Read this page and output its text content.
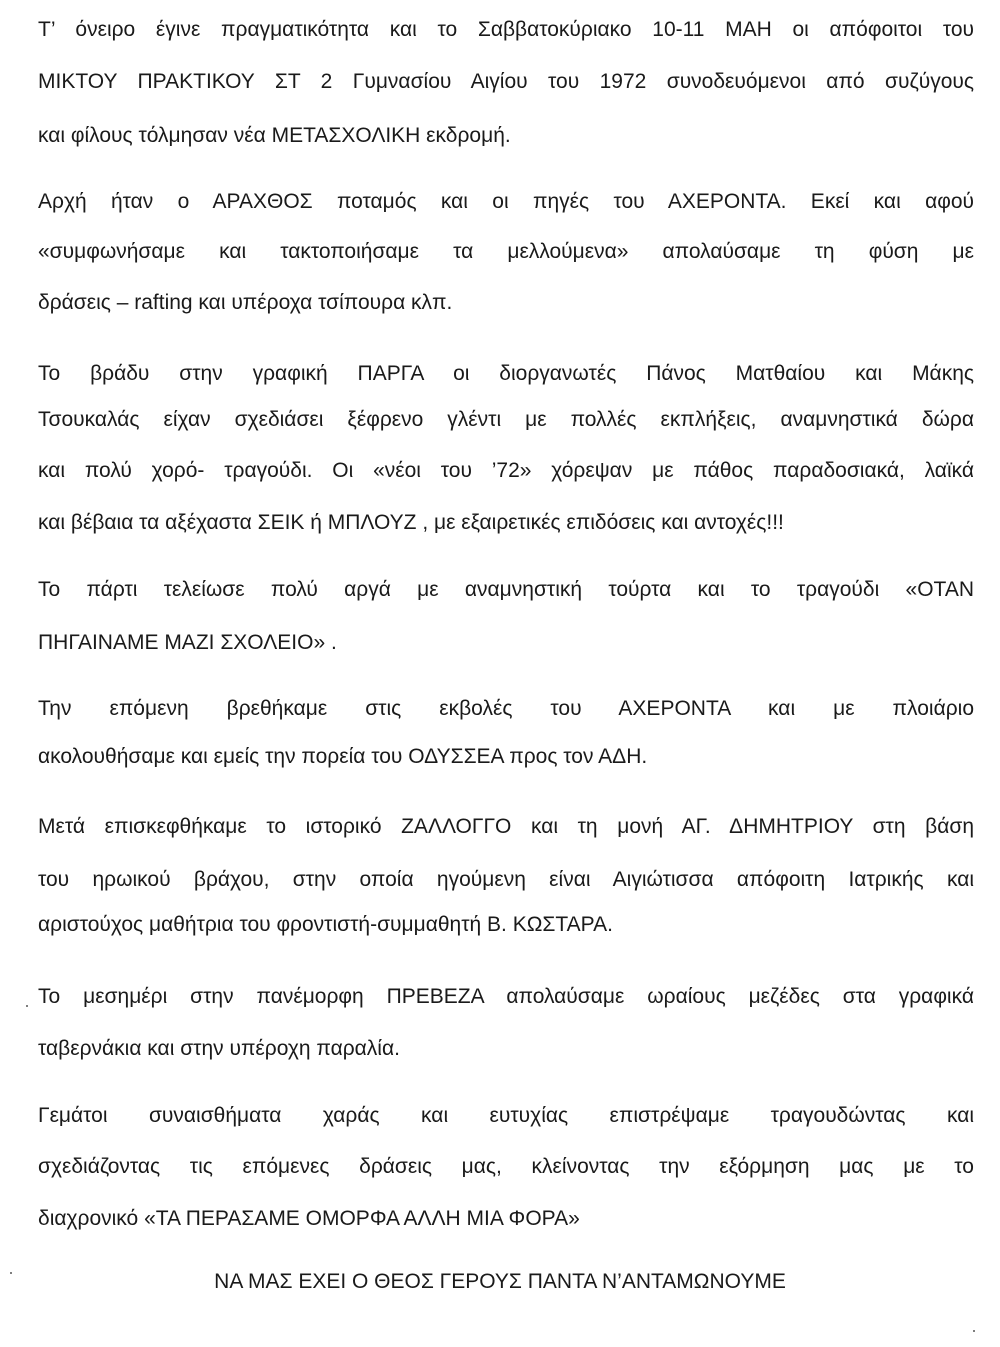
Τ’ όνειρο έγινε πραγματικότητα και το Σαββατοκύριακο 10-11 ΜΑΗ οι απόφοιτοι του
ΜΙΚΤΟΥ ΠΡΑΚΤΙΚΟΥ ΣΤ 2 Γυμνασίου Αιγίου του 1972 συνοδευόμενοι από συζύγους
και φίλους τόλμησαν νέα ΜΕΤΑΣΧΟΛΙΚΗ εκδρομή.
Αρχή ήταν ο ΑΡΑΧΘΟΣ ποταμός και οι πηγές του ΑΧΕΡΟΝΤΑ. Εκεί και αφού
«συμφωνήσαμε και τακτοποιήσαμε τα μελλούμενα» απολαύσαμε τη φύση με
δράσεις – rafting και υπέροχα τσίπουρα κλπ.
Το βράδυ στην γραφική ΠΑΡΓΑ οι διοργανωτές Πάνος Ματθαίου και Μάκης
Τσουκαλάς είχαν σχεδιάσει ξέφρενο γλέντι με πολλές εκπλήξεις, αναμνηστικά δώρα
και πολύ χορό- τραγούδι. Οι «νέοι του ’72» χόρεψαν με πάθος παραδοσιακά, λαϊκά
και βέβαια τα αξέχαστα ΣΕΙΚ ή ΜΠΛΟΥΖ , με εξαιρετικές επιδόσεις και αντοχές!!!
Το πάρτι τελείωσε πολύ αργά με αναμνηστική τούρτα και το τραγούδι «ΟΤΑΝ
ΠΗΓΑΙΝΑΜΕ ΜΑΖΙ ΣΧΟΛΕΙΟ» .
Την επόμενη βρεθήκαμε στις εκβολές του ΑΧΕΡΟΝΤΑ και με πλοιάριο
ακολουθήσαμε και εμείς την πορεία του ΟΔΥΣΣΕΑ προς τον ΑΔΗ.
Μετά επισκεφθήκαμε το ιστορικό ΖΑΛΛΟΓΓΟ και τη μονή ΑΓ. ΔΗΜΗΤΡΙΟΥ στη βάση
του ηρωικού βράχου, στην οποία ηγούμενη είναι Αιγιώτισσα απόφοιτη Ιατρικής και
αριστούχος μαθήτρια του φροντιστή-συμμαθητή Β. ΚΩΣΤΑΡΑ.
Το μεσημέρι στην πανέμορφη ΠΡΕΒΕΖΑ απολαύσαμε ωραίους μεζέδες στα γραφικά
ταβερνάκια και στην υπέροχη παραλία.
Γεμάτοι συναισθήματα χαράς και ευτυχίας επιστρέψαμε τραγουδώντας και
σχεδιάζοντας τις επόμενες δράσεις μας, κλείνοντας την εξόρμηση μας με το
διαχρονικό «ΤΑ ΠΕΡΑΣΑΜΕ ΟΜΟΡΦΑ ΑΛΛΗ ΜΙΑ ΦΟΡΑ»
ΝΑ ΜΑΣ ΕΧΕΙ Ο ΘΕΟΣ ΓΕΡΟΥΣ ΠΑΝΤΑ Ν’ΑΝΤΑΜΩΝΟΥΜΕ
